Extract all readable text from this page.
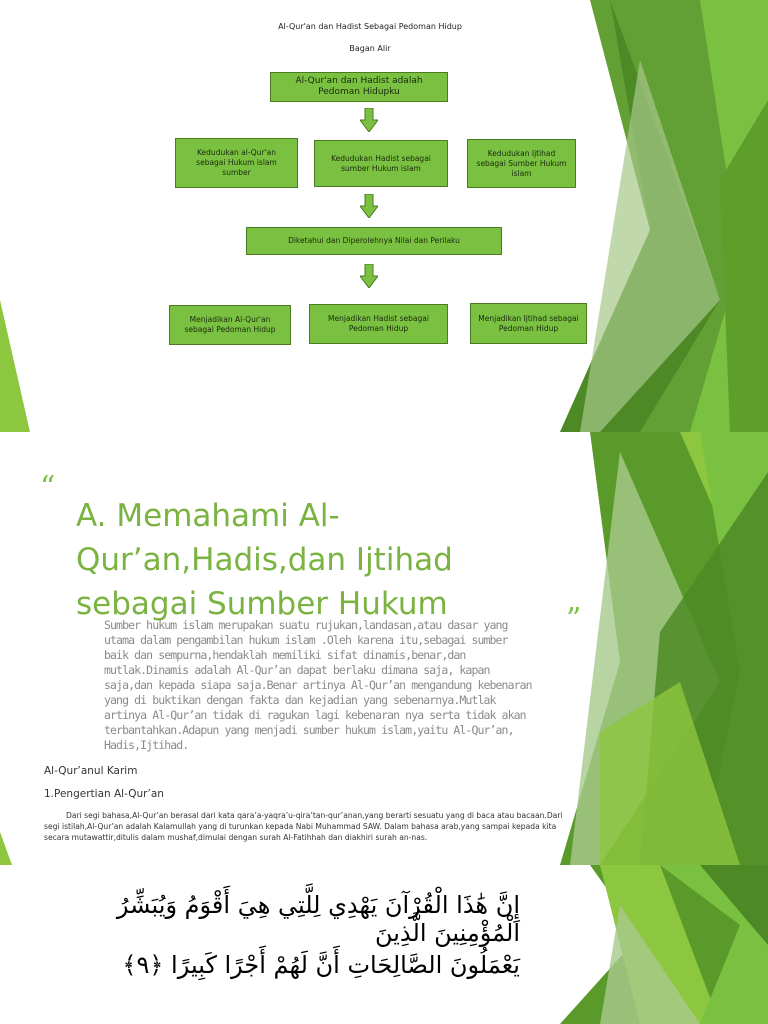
Al-Qur'an dan Hadist Sebagai Pedoman Hidup
Bagan Alir
Al-Qur'an dan Hadist adalah Pedoman Hidupku
Kedudukan al-Qur'an sebagai Hukum islam sumber
Kedudukan Hadist sebagai sumber Hukum islam
Kedudukan Ijtihad sebagai Sumber Hukum islam
Diketahui dan Diperolehnya Nilai dan Perilaku
Menjadikan Al-Qur'an sebagai Pedoman Hidup
Menjadikan Hadist sebagai Pedoman Hidup
Menjadikan Ijtihad sebagai Pedoman Hidup
“
A. Memahami Al-Qur’an,Hadis,dan Ijtihad sebagai Sumber Hukum	”
Sumber hukum islam merupakan suatu rujukan,landasan,atau dasar yang utama dalam pengambilan hukum islam .Oleh karena itu,sebagai sumber baik dan sempurna,hendaklah memiliki sifat dinamis,benar,dan mutlak.Dinamis adalah Al-Qur’an dapat berlaku dimana saja, kapan saja,dan kepada siapa saja.Benar artinya Al-Qur’an mengandung kebenaran yang di buktikan dengan fakta dan kejadian yang sebenarnya.Mutlak artinya Al-Qur’an tidak di ragukan lagi kebenaran nya serta tidak akan terbantahkan.Adapun yang menjadi sumber hukum islam,yaitu Al-Qur’an, Hadis,Ijtihad.
Al-Qur’anul Karim
1.Pengertian Al-Qur’an
Dari segi bahasa,Al-Qur’an berasal dari kata qara’a-yaqra’u-qira’tan-qur’anan,yang berarti sesuatu yang di baca atau bacaan.Dari segi istilah,Al-Qur’an adalah Kalamullah yang di turunkan kepada Nabi Muhammad SAW. Dalam bahasa arab,yang sampai kepada kita secara mutawattir,ditulis dalam mushaf,dimulai dengan surah Al-Fatihhah dan diakhiri surah an-nas.
إِنَّ هَٰذَا الْقُرْآنَ يَهْدِي لِلَّتِي هِيَ أَقْوَمُ وَيُبَشِّرُ الْمُؤْمِنِينَ الَّذِينَ
يَعْمَلُونَ الصَّالِحَاتِ أَنَّ لَهُمْ أَجْرًا كَبِيرًا ﴿٩﴾
